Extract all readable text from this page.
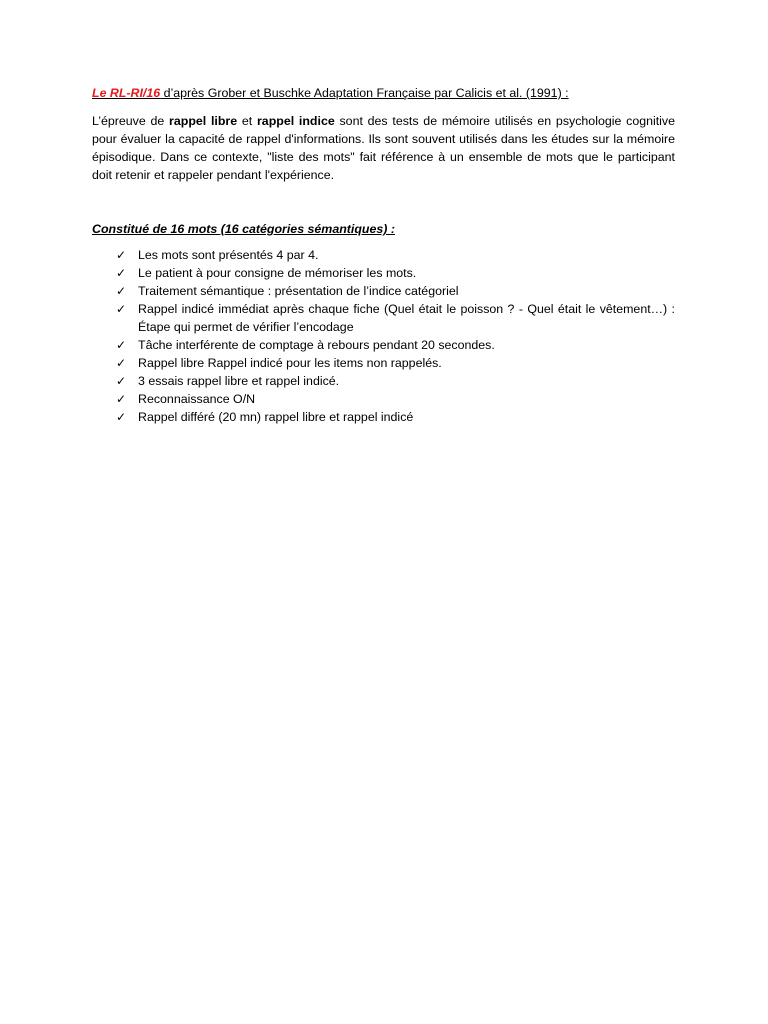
Le RL-RI/16 d’après Grober et Buschke Adaptation Française par Calicis et al. (1991) :

L’épreuve de rappel libre et rappel indice sont des tests de mémoire utilisés en psychologie cognitive pour évaluer la capacité de rappel d'informations. Ils sont souvent utilisés dans les études sur la mémoire épisodique. Dans ce contexte, "liste des mots" fait référence à un ensemble de mots que le participant doit retenir et rappeler pendant l'expérience.

Constitué de 16 mots (16 catégories sémantiques) :

✓ Les mots sont présentés 4 par 4.
✓ Le patient à pour consigne de mémoriser les mots.
✓ Traitement sémantique : présentation de l’indice catégoriel
✓ Rappel indicé immédiat après chaque fiche (Quel était le poisson ? - Quel était le vêtement…) : Étape qui permet de vérifier l’encodage
✓ Tâche interférente de comptage à rebours pendant 20 secondes.
✓ Rappel libre Rappel indicé pour les items non rappelés.
✓ 3 essais rappel libre et rappel indicé.
✓ Reconnaissance O/N
✓ Rappel différé (20 mn) rappel libre et rappel indicé
